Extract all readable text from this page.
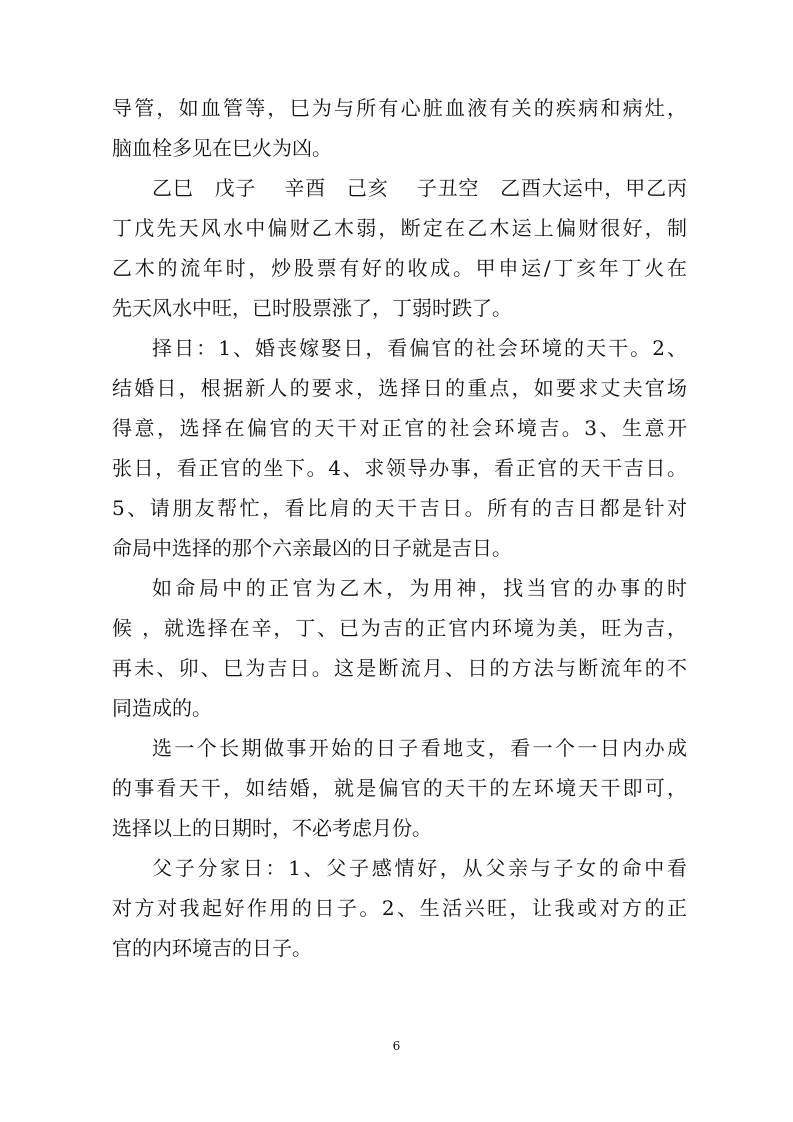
导管，如血管等，巳为与所有心脏血液有关的疾病和病灶，
脑血栓多见在巳火为凶。
乙巳　戊子　 辛酉　己亥　 子丑空　乙酉大运中，甲乙丙
丁戊先天风水中偏财乙木弱，断定在乙木运上偏财很好，制
乙木的流年时，炒股票有好的收成。甲申运/丁亥年丁火在
先天风水中旺，已时股票涨了，丁弱时跌了。
择日：1、婚丧嫁娶日，看偏官的社会环境的天干。2、
结婚日，根据新人的要求，选择日的重点，如要求丈夫官场
得意，选择在偏官的天干对正官的社会环境吉。3、生意开
张日，看正官的坐下。4、求领导办事，看正官的天干吉日。
5、请朋友帮忙，看比肩的天干吉日。所有的吉日都是针对
命局中选择的那个六亲最凶的日子就是吉日。
如命局中的正官为乙木，为用神，找当官的办事的时
候 ，就选择在辛，丁、已为吉的正官内环境为美，旺为吉，
再未、卯、巳为吉日。这是断流月、日的方法与断流年的不
同造成的。
选一个长期做事开始的日子看地支，看一个一日内办成
的事看天干，如结婚，就是偏官的天干的左环境天干即可，
选择以上的日期时，不必考虑月份。
父子分家日：1、父子感情好，从父亲与子女的命中看
对方对我起好作用的日子。2、生活兴旺，让我或对方的正
官的内环境吉的日子。
6
